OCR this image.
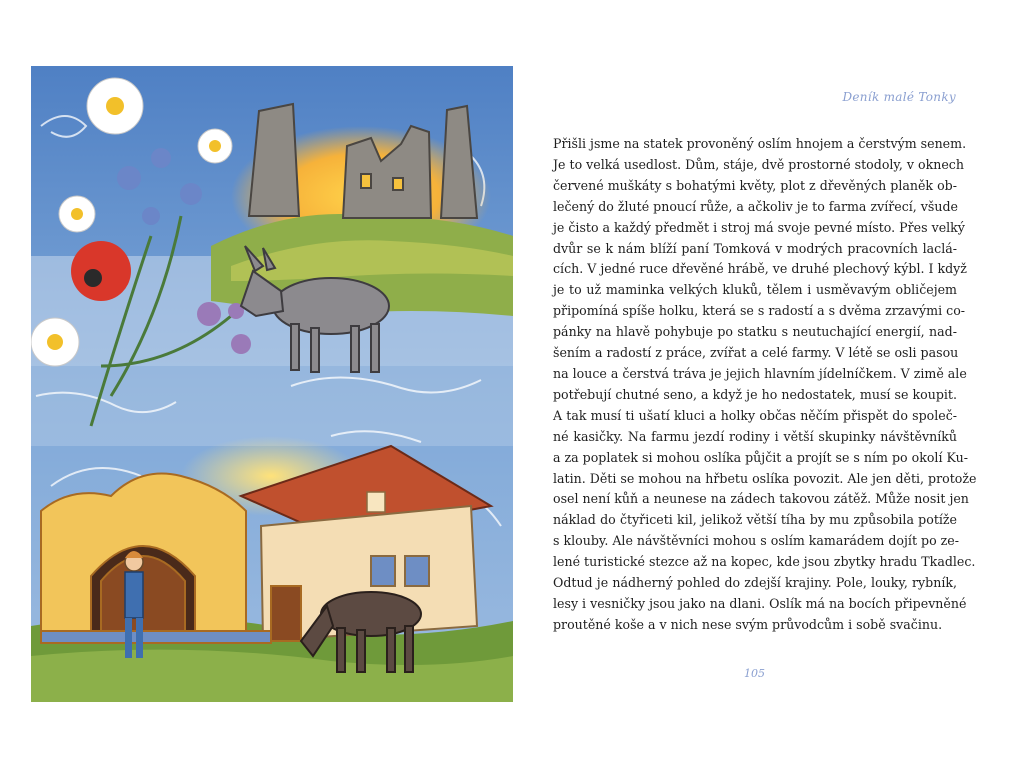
Deník malé Tonky
Přišli jsme na statek provoněný oslím hnojem a čerstvým senem.
Je to velká usedlost. Dům, stáje, dvě prostorné stodoly, v oknech
červené muškáty s bohatými květy, plot z dřevěných planěk ob-
lečený do žluté pnoucí růže, a ačkoliv je to farma zvířecí, všude
je čisto a každý předmět i stroj má svoje pevné místo. Přes velký
dvůr se k nám blíží paní Tomková v modrých pracovních laclá-
cích. V jedné ruce dřevěné hrábě, ve druhé plechový kýbl. I když
je to už maminka velkých kluků, tělem i usměvavým obličejem
připomíná spíše holku, která se s radostí a s dvěma zrzavými co-
pánky na hlavě pohybuje po statku s neutuchající energií, nad-
šením a radostí z práce, zvířat a celé farmy. V létě se osli pasou
na louce a čerstvá tráva je jejich hlavním jídelníčkem. V zimě ale
potřebují chutné seno, a když je ho nedostatek, musí se koupit.
A tak musí ti ušatí kluci a holky občas něčím přispět do společ-
né kasičky. Na farmu jezdí rodiny i větší skupinky návštěvníků
a za poplatek si mohou oslíka půjčit a projít se s ním po okolí Ku-
latin. Děti se mohou na hřbetu oslíka povozit. Ale jen děti, protože
osel není kůň a neunese na zádech takovou zátěž. Může nosit jen
náklad do čtyřiceti kil, jelikož větší tíha by mu způsobila potíže
s klouby. Ale návštěvníci mohou s oslím kamarádem dojít po ze-
lené turistické stezce až na kopec, kde jsou zbytky hradu Tkadlec.
Odtud je nádherný pohled do zdejší krajiny. Pole, louky, rybník,
lesy i vesničky jsou jako na dlani. Oslík má na bocích připevněné
proutěné koše a v nich nese svým průvodcům i sobě svačinu.
105
